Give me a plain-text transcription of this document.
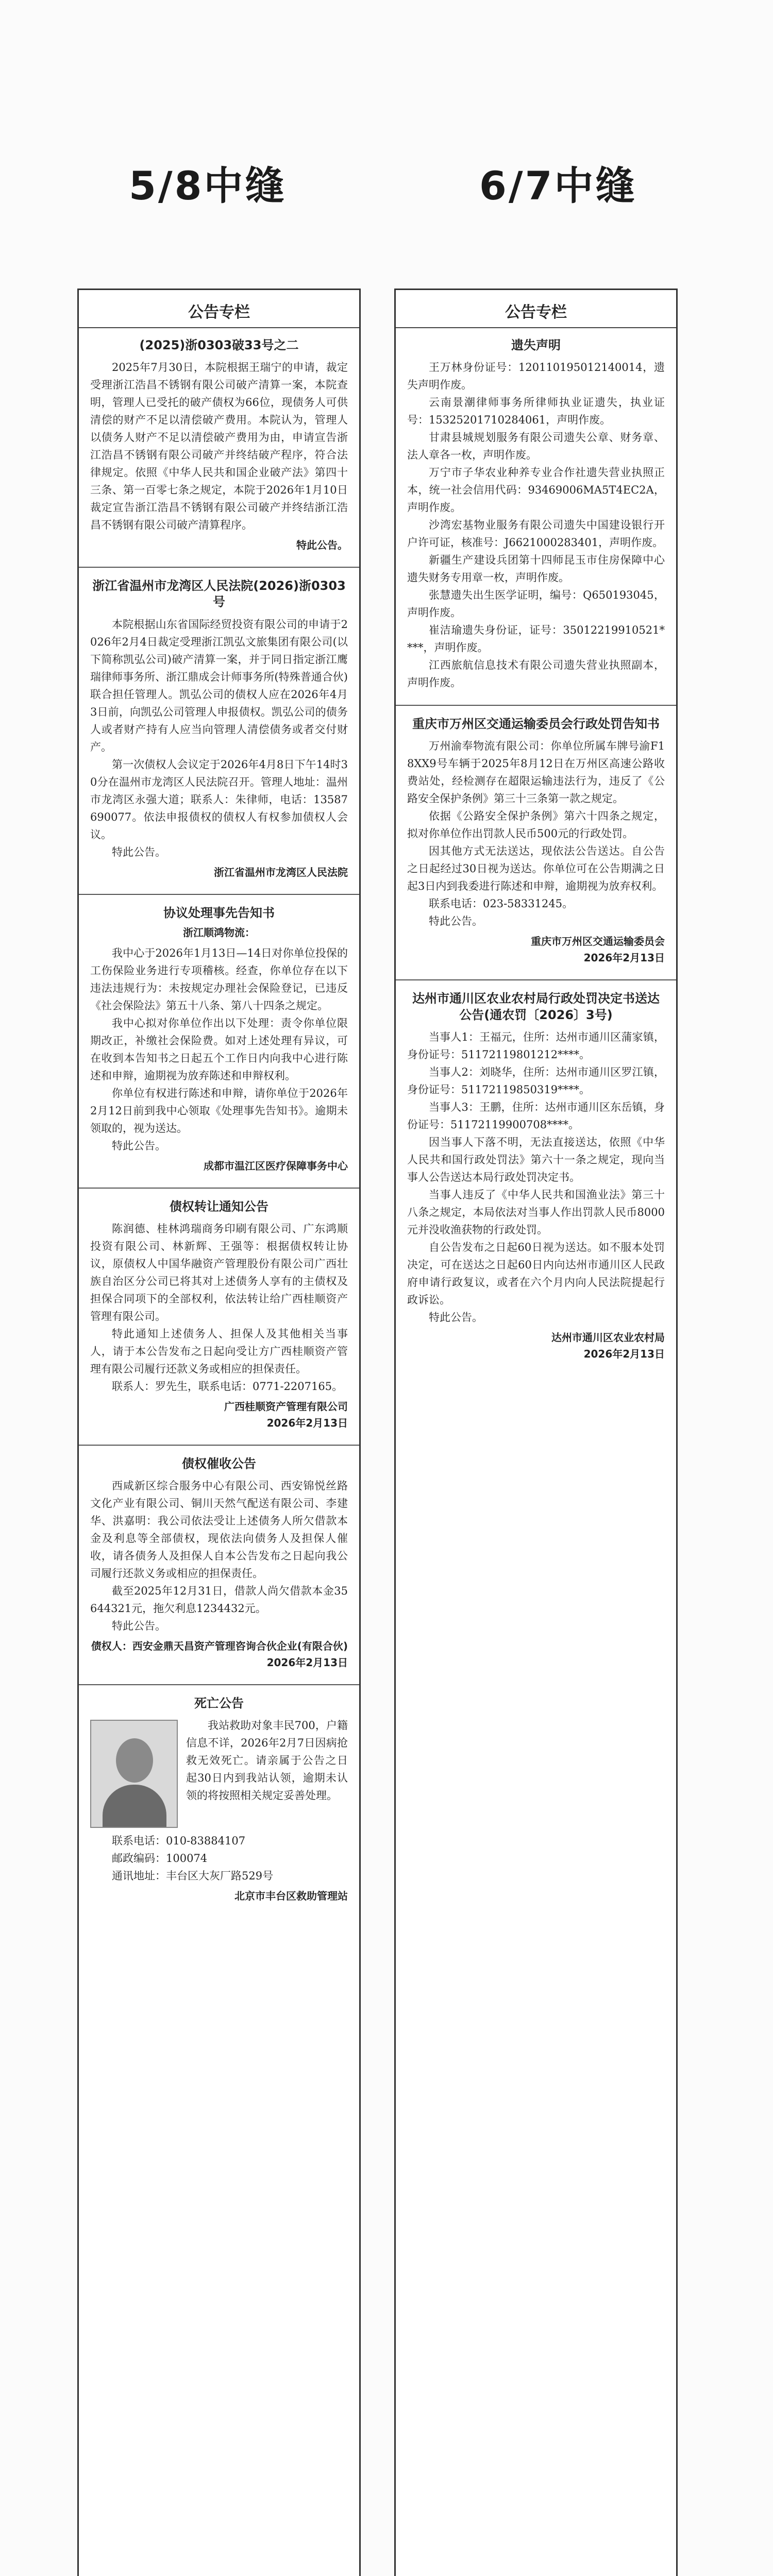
5/8中缝	6/7中缝
公告专栏
(2025)浙0303破33号之二

2025年7月30日，本院根据王瑞宁的申请，裁定受理浙江浩昌不锈钢有限公司破产清算一案，本院查明，管理人已受托的破产债权为66位，现债务人可供清偿的财产不足以清偿破产费用。本院认为，管理人以债务人财产不足以清偿破产费用为由，申请宣告浙江浩昌不锈钢有限公司破产并终结破产程序，符合法律规定。依照《中华人民共和国企业破产法》第四十三条、第一百零七条之规定，本院于2026年1月10日裁定宣告浙江浩昌不锈钢有限公司破产并终结浙江浩昌不锈钢有限公司破产清算程序。

特此公告。
浙江省温州市龙湾区人民法院(2026)浙0303号

本院根据山东省国际经贸投资有限公司的申请于2026年2月4日裁定受理浙江凯弘文旅集团有限公司(以下简称凯弘公司)破产清算一案，并于同日指定浙江鹰瑞律师事务所、浙江鼎成会计师事务所(特殊普通合伙)联合担任管理人。凯弘公司的债权人应在2026年4月3日前，向凯弘公司管理人申报债权。凯弘公司的债务人或者财产持有人应当向管理人清偿债务或者交付财产。

第一次债权人会议定于2026年4月8日下午14时30分在温州市龙湾区人民法院召开。管理人地址：温州市龙湾区永强大道；联系人：朱律师，电话：13587690077。依法申报债权的债权人有权参加债权人会议。

特此公告。

浙江省温州市龙湾区人民法院
协议处理事先告知书
浙江顺鸿物流：

我中心于2026年1月13日—14日对你单位投保的工伤保险业务进行专项稽核。经查，你单位存在以下违法违规行为：未按规定办理社会保险登记，已违反《社会保险法》第五十八条、第八十四条之规定。

我中心拟对你单位作出以下处理：责令你单位限期改正，补缴社会保险费。如对上述处理有异议，可在收到本告知书之日起五个工作日内向我中心进行陈述和申辩，逾期视为放弃陈述和申辩权利。

你单位有权进行陈述和申辩，请你单位于2026年2月12日前到我中心领取《处理事先告知书》。逾期未领取的，视为送达。

特此公告。

成都市温江区医疗保障事务中心
债权转让通知公告

陈润德、桂林鸿瑞商务印刷有限公司、广东鸿顺投资有限公司、林新辉、王强等：根据债权转让协议，原债权人中国华融资产管理股份有限公司广西壮族自治区分公司已将其对上述债务人享有的主债权及担保合同项下的全部权利，依法转让给广西桂顺资产管理有限公司。

特此通知上述债务人、担保人及其他相关当事人，请于本公告发布之日起向受让方广西桂顺资产管理有限公司履行还款义务或相应的担保责任。

联系人：罗先生，联系电话：0771-2207165。

广西桂顺资产管理有限公司
2026年2月13日
债权催收公告

西咸新区综合服务中心有限公司、西安锦悦丝路文化产业有限公司、铜川天然气配送有限公司、李建华、洪嘉明：我公司依法受让上述债务人所欠借款本金及利息等全部债权，现依法向债务人及担保人催收，请各债务人及担保人自本公告发布之日起向我公司履行还款义务或相应的担保责任。

截至2025年12月31日，借款人尚欠借款本金35644321元，拖欠利息1234432元。

特此公告。

债权人：西安金鼎天昌资产管理咨询合伙企业(有限合伙)
2026年2月13日
死亡公告

我站救助对象丰民700，户籍信息不详，2026年2月7日因病抢救无效死亡。请亲属于公告之日起30日内到我站认领，逾期未认领的将按照相关规定妥善处理。

联系电话：010-83884107

邮政编码：100074

通讯地址：丰台区大灰厂路529号

北京市丰台区救助管理站
公告专栏
遗失声明

王万林身份证号：120110195012140014，遗失声明作废。

云南景潮律师事务所律师执业证遗失，执业证号：15325201710284061，声明作废。

甘肃县城规划服务有限公司遗失公章、财务章、法人章各一枚，声明作废。

万宁市子华农业种养专业合作社遗失营业执照正本，统一社会信用代码：93469006MA5T4EC2A，声明作废。

沙湾宏基物业服务有限公司遗失中国建设银行开户许可证，核准号：J6621000283401，声明作废。

新疆生产建设兵团第十四师昆玉市住房保障中心遗失财务专用章一枚，声明作废。

张慧遗失出生医学证明，编号：Q650193045，声明作废。

崔洁瑜遗失身份证，证号：35012219910521****，声明作废。

江西旅航信息技术有限公司遗失营业执照副本，声明作废。

重庆市万州区交通运输委员会行政处罚告知书

万州渝奉物流有限公司：你单位所属车牌号渝F18XX9号车辆于2025年8月12日在万州区高速公路收费站处，经检测存在超限运输违法行为，违反了《公路安全保护条例》第三十三条第一款之规定。

依据《公路安全保护条例》第六十四条之规定，拟对你单位作出罚款人民币500元的行政处罚。

因其他方式无法送达，现依法公告送达。自公告之日起经过30日视为送达。你单位可在公告期满之日起3日内到我委进行陈述和申辩，逾期视为放弃权利。

联系电话：023-58331245。

特此公告。

重庆市万州区交通运输委员会
2026年2月13日
达州市通川区农业农村局行政处罚决定书送达公告(通农罚〔2026〕3号)

当事人1：王福元，住所：达州市通川区蒲家镇，身份证号：51172119801212****。

当事人2：刘晓华，住所：达州市通川区罗江镇，身份证号：51172119850319****。

当事人3：王鹏，住所：达州市通川区东岳镇，身份证号：51172119900708****。

因当事人下落不明，无法直接送达，依照《中华人民共和国行政处罚法》第六十一条之规定，现向当事人公告送达本局行政处罚决定书。

当事人违反了《中华人民共和国渔业法》第三十八条之规定，本局依法对当事人作出罚款人民币8000元并没收渔获物的行政处罚。

自公告发布之日起60日视为送达。如不服本处罚决定，可在送达之日起60日内向达州市通川区人民政府申请行政复议，或者在六个月内向人民法院提起行政诉讼。

特此公告。

达州市通川区农业农村局
2026年2月13日
